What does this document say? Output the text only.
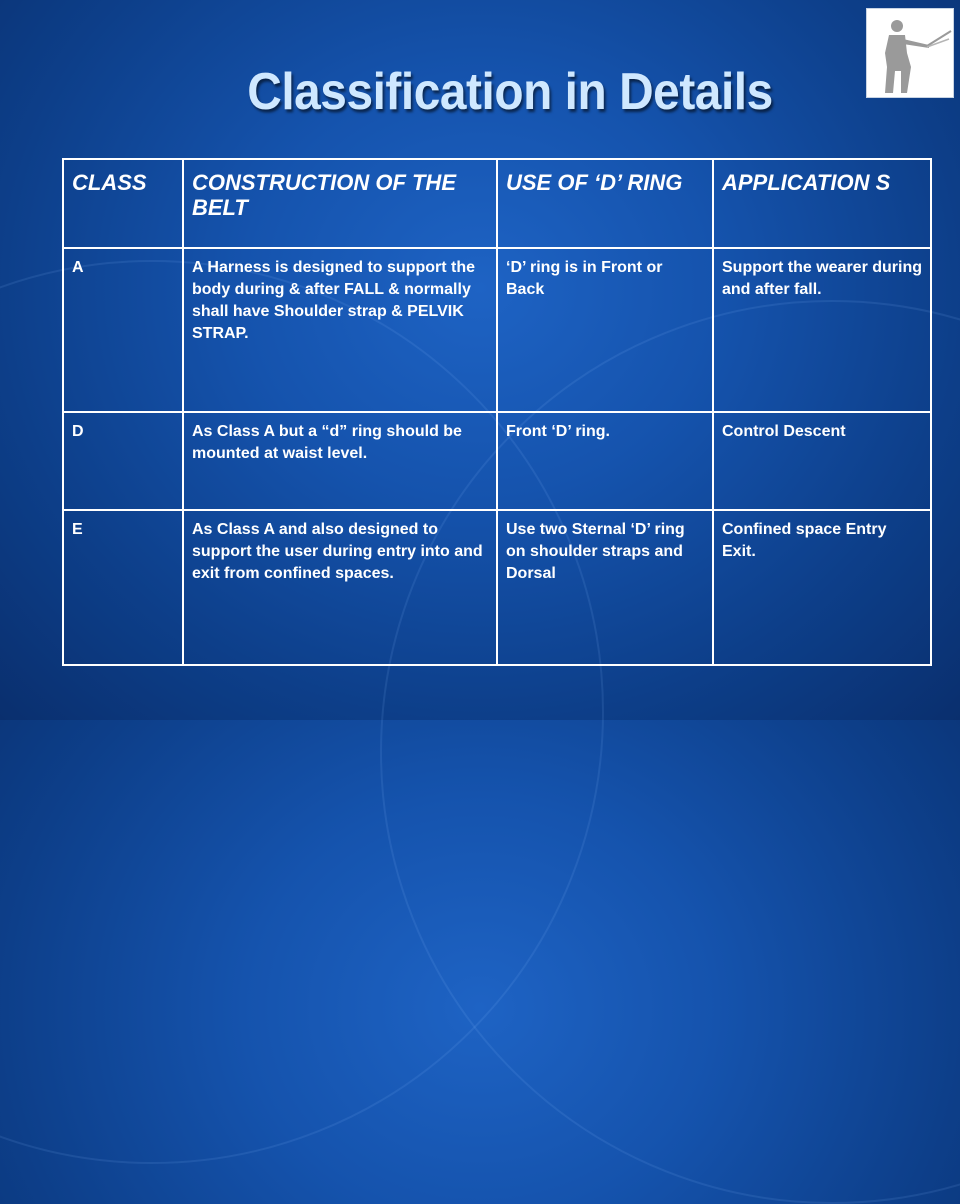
Classification in Details
CLASS	CONSTRUCTION OF THE BELT	USE OF ‘D’ RING	APPLICATION S
A	A Harness is designed to support the body during & after FALL & normally shall have Shoulder strap & PELVIK STRAP.	‘D’ ring is in Front or Back	Support the wearer during and after fall.
D	As Class A but a “d” ring should be mounted at waist level.	Front ‘D’ ring.	Control Descent
E	As Class A and also designed to support the user during entry into and exit from confined spaces.	Use two Sternal ‘D’ ring on shoulder straps and Dorsal	Confined space Entry Exit.
